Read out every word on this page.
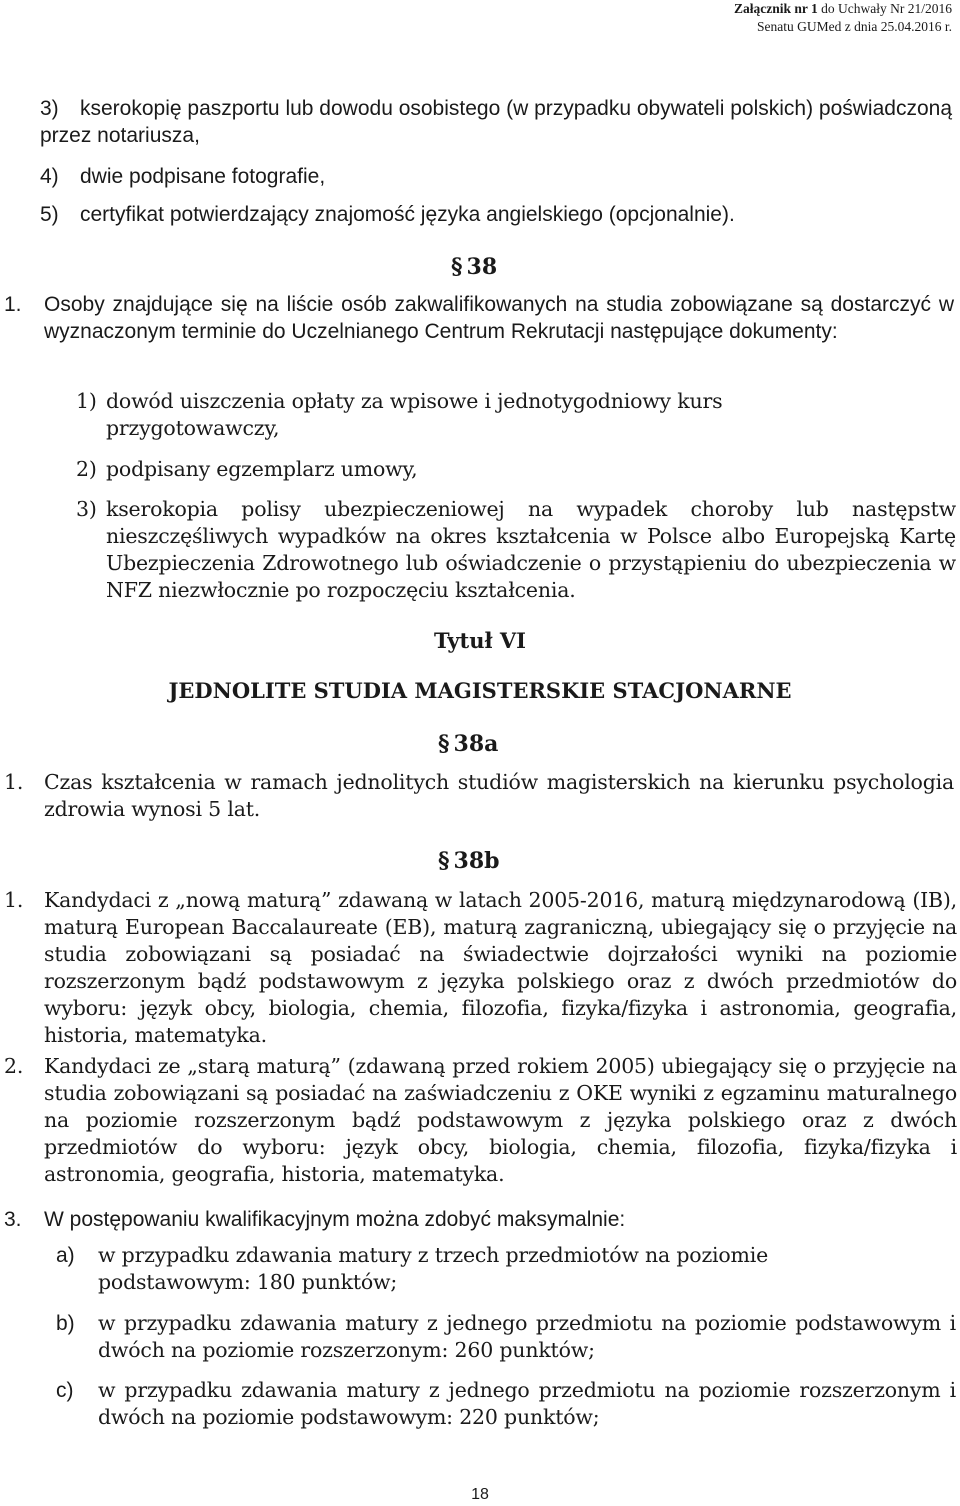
Załącznik nr 1 do Uchwały Nr 21/2016
Senatu GUMed z dnia 25.04.2016 r.
3) kserokopię paszportu lub dowodu osobistego (w przypadku obywateli polskich) poświadczoną przez notariusza,
4) dwie podpisane fotografie,
5) certyfikat potwierdzający znajomość języka angielskiego (opcjonalnie).
§ 38
1. Osoby znajdujące się na liście osób zakwalifikowanych na studia zobowiązane są dostarczyć w wyznaczonym terminie do Uczelnianego Centrum Rekrutacji następujące dokumenty:
1) dowód uiszczenia opłaty za wpisowe i jednotygodniowy kurs przygotowawczy,
2) podpisany egzemplarz umowy,
3) kserokopia polisy ubezpieczeniowej na wypadek choroby lub następstw nieszczęśliwych wypadków na okres kształcenia w Polsce albo Europejską Kartę Ubezpieczenia Zdrowotnego lub oświadczenie o przystąpieniu do ubezpieczenia w NFZ niezwłocznie po rozpoczęciu kształcenia.
Tytuł VI
JEDNOLITE STUDIA MAGISTERSKIE STACJONARNE
§ 38a
1. Czas kształcenia w ramach jednolitych studiów magisterskich na kierunku psychologia zdrowia wynosi 5 lat.
§ 38b
1. Kandydaci z „nową maturą” zdawaną w latach 2005-2016, maturą międzynarodową (IB), maturą European Baccalaureate (EB), maturą zagraniczną, ubiegający się o przyjęcie na studia zobowiązani są posiadać na świadectwie dojrzałości wyniki na poziomie rozszerzonym bądź podstawowym z języka polskiego oraz z dwóch przedmiotów do wyboru: język obcy, biologia, chemia, filozofia, fizyka/fizyka i astronomia, geografia, historia, matematyka.
2. Kandydaci ze „starą maturą” (zdawaną przed rokiem 2005) ubiegający się o przyjęcie na studia zobowiązani są posiadać na zaświadczeniu z OKE wyniki z egzaminu maturalnego na poziomie rozszerzonym bądź podstawowym z języka polskiego oraz z dwóch przedmiotów do wyboru: język obcy, biologia, chemia, filozofia, fizyka/fizyka i astronomia, geografia, historia, matematyka.
3. W postępowaniu kwalifikacyjnym można zdobyć maksymalnie:
a) w przypadku zdawania matury z trzech przedmiotów na poziomie podstawowym: 180 punktów;
b) w przypadku zdawania matury z jednego przedmiotu na poziomie podstawowym i dwóch na poziomie rozszerzonym: 260 punktów;
c) w przypadku zdawania matury z jednego przedmiotu na poziomie rozszerzonym i dwóch na poziomie podstawowym: 220 punktów;
18
